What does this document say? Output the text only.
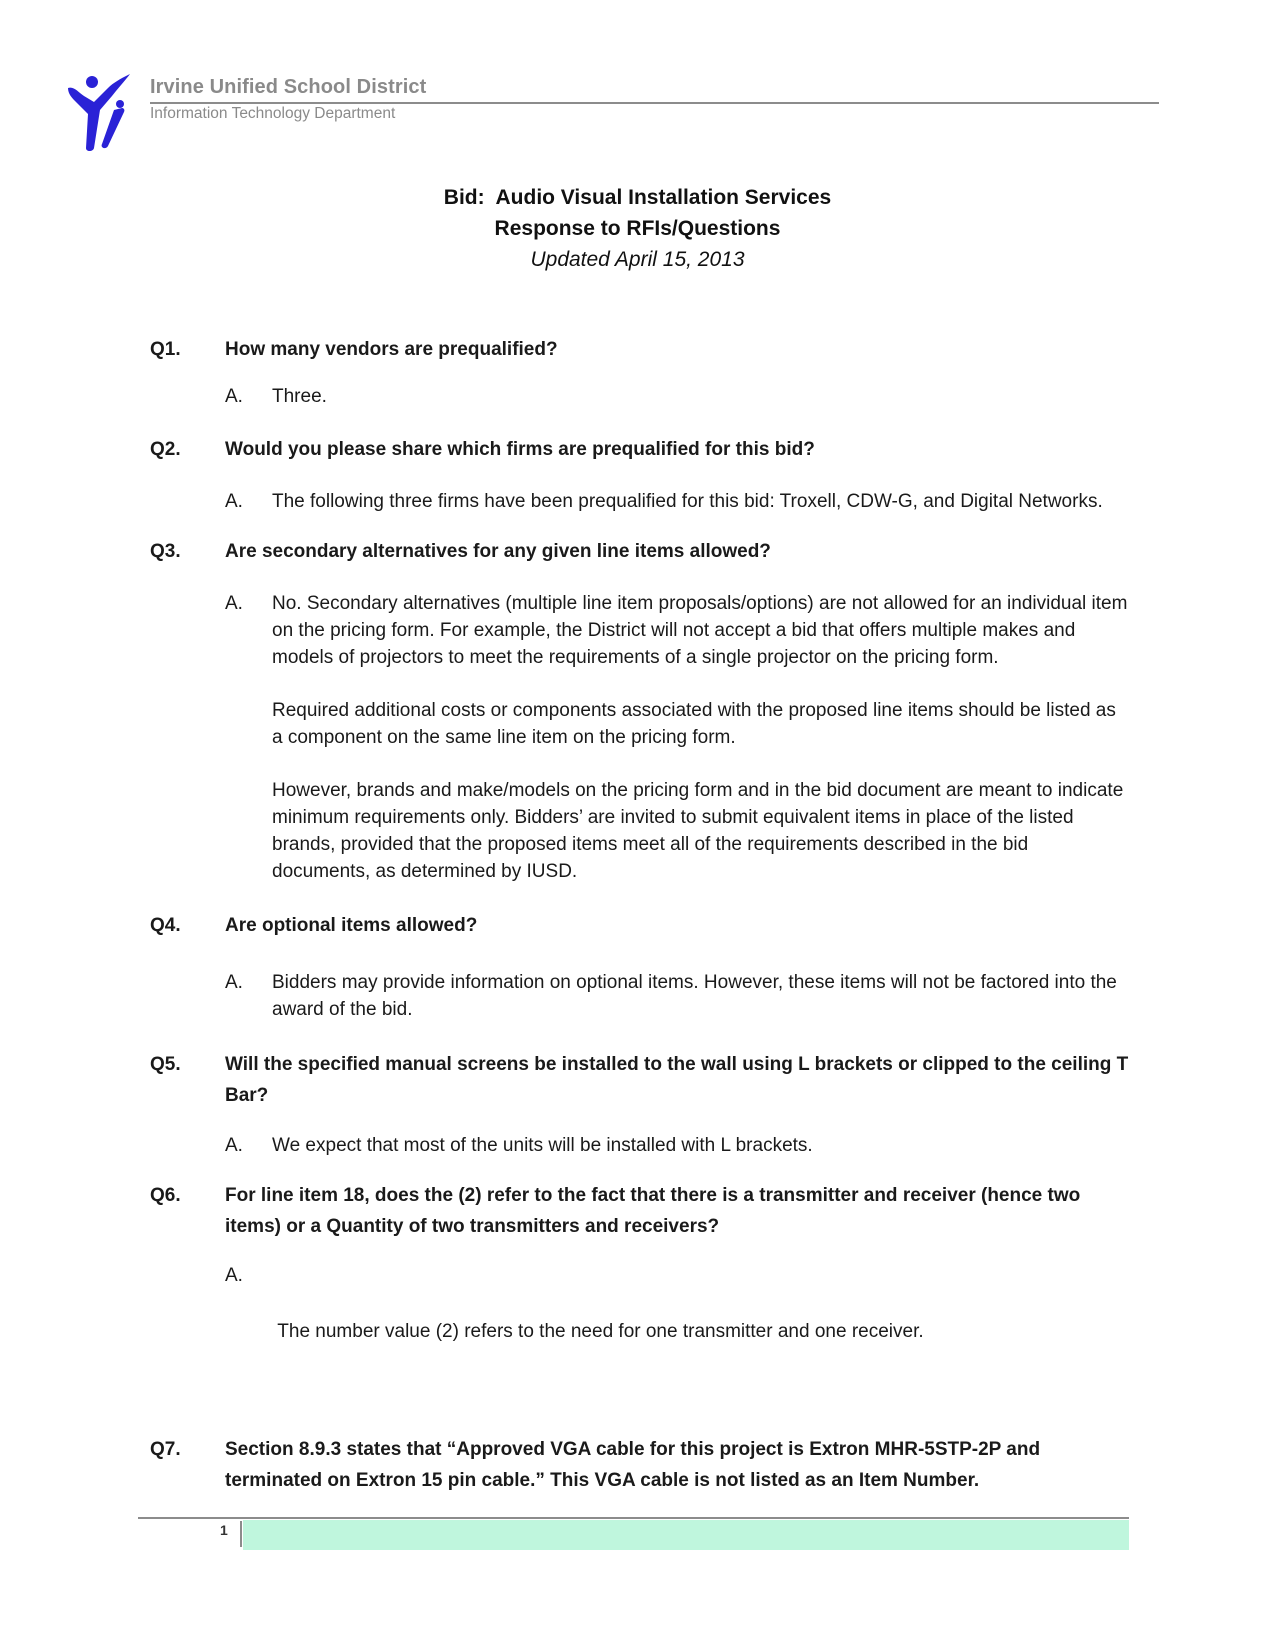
Irvine Unified School District
Information Technology Department
Bid:  Audio Visual Installation Services
Response to RFIs/Questions
Updated April 15, 2013
Q1. How many vendors are prequalified?
A. Three.
Q2. Would you please share which firms are prequalified for this bid?
A. The following three firms have been prequalified for this bid: Troxell, CDW-G, and Digital Networks.
Q3. Are secondary alternatives for any given line items allowed?
A. No. Secondary alternatives (multiple line item proposals/options) are not allowed for an individual item on the pricing form. For example, the District will not accept a bid that offers multiple makes and models of projectors to meet the requirements of a single projector on the pricing form.
Required additional costs or components associated with the proposed line items should be listed as a component on the same line item on the pricing form.
However, brands and make/models on the pricing form and in the bid document are meant to indicate minimum requirements only. Bidders’ are invited to submit equivalent items in place of the listed brands, provided that the proposed items meet all of the requirements described in the bid documents, as determined by IUSD.
Q4. Are optional items allowed?
A. Bidders may provide information on optional items. However, these items will not be factored into the award of the bid.
Q5. Will the specified manual screens be installed to the wall using L brackets or clipped to the ceiling T Bar?
A. We expect that most of the units will be installed with L brackets.
Q6. For line item 18, does the (2) refer to the fact that there is a transmitter and receiver (hence two items) or a Quantity of two transmitters and receivers?
A.

The number value (2) refers to the need for one transmitter and one receiver.

Q7. Section 8.9.3 states that “Approved VGA cable for this project is Extron MHR-5STP-2P and terminated on Extron 15 pin cable.” This VGA cable is not listed as an Item Number.
1
